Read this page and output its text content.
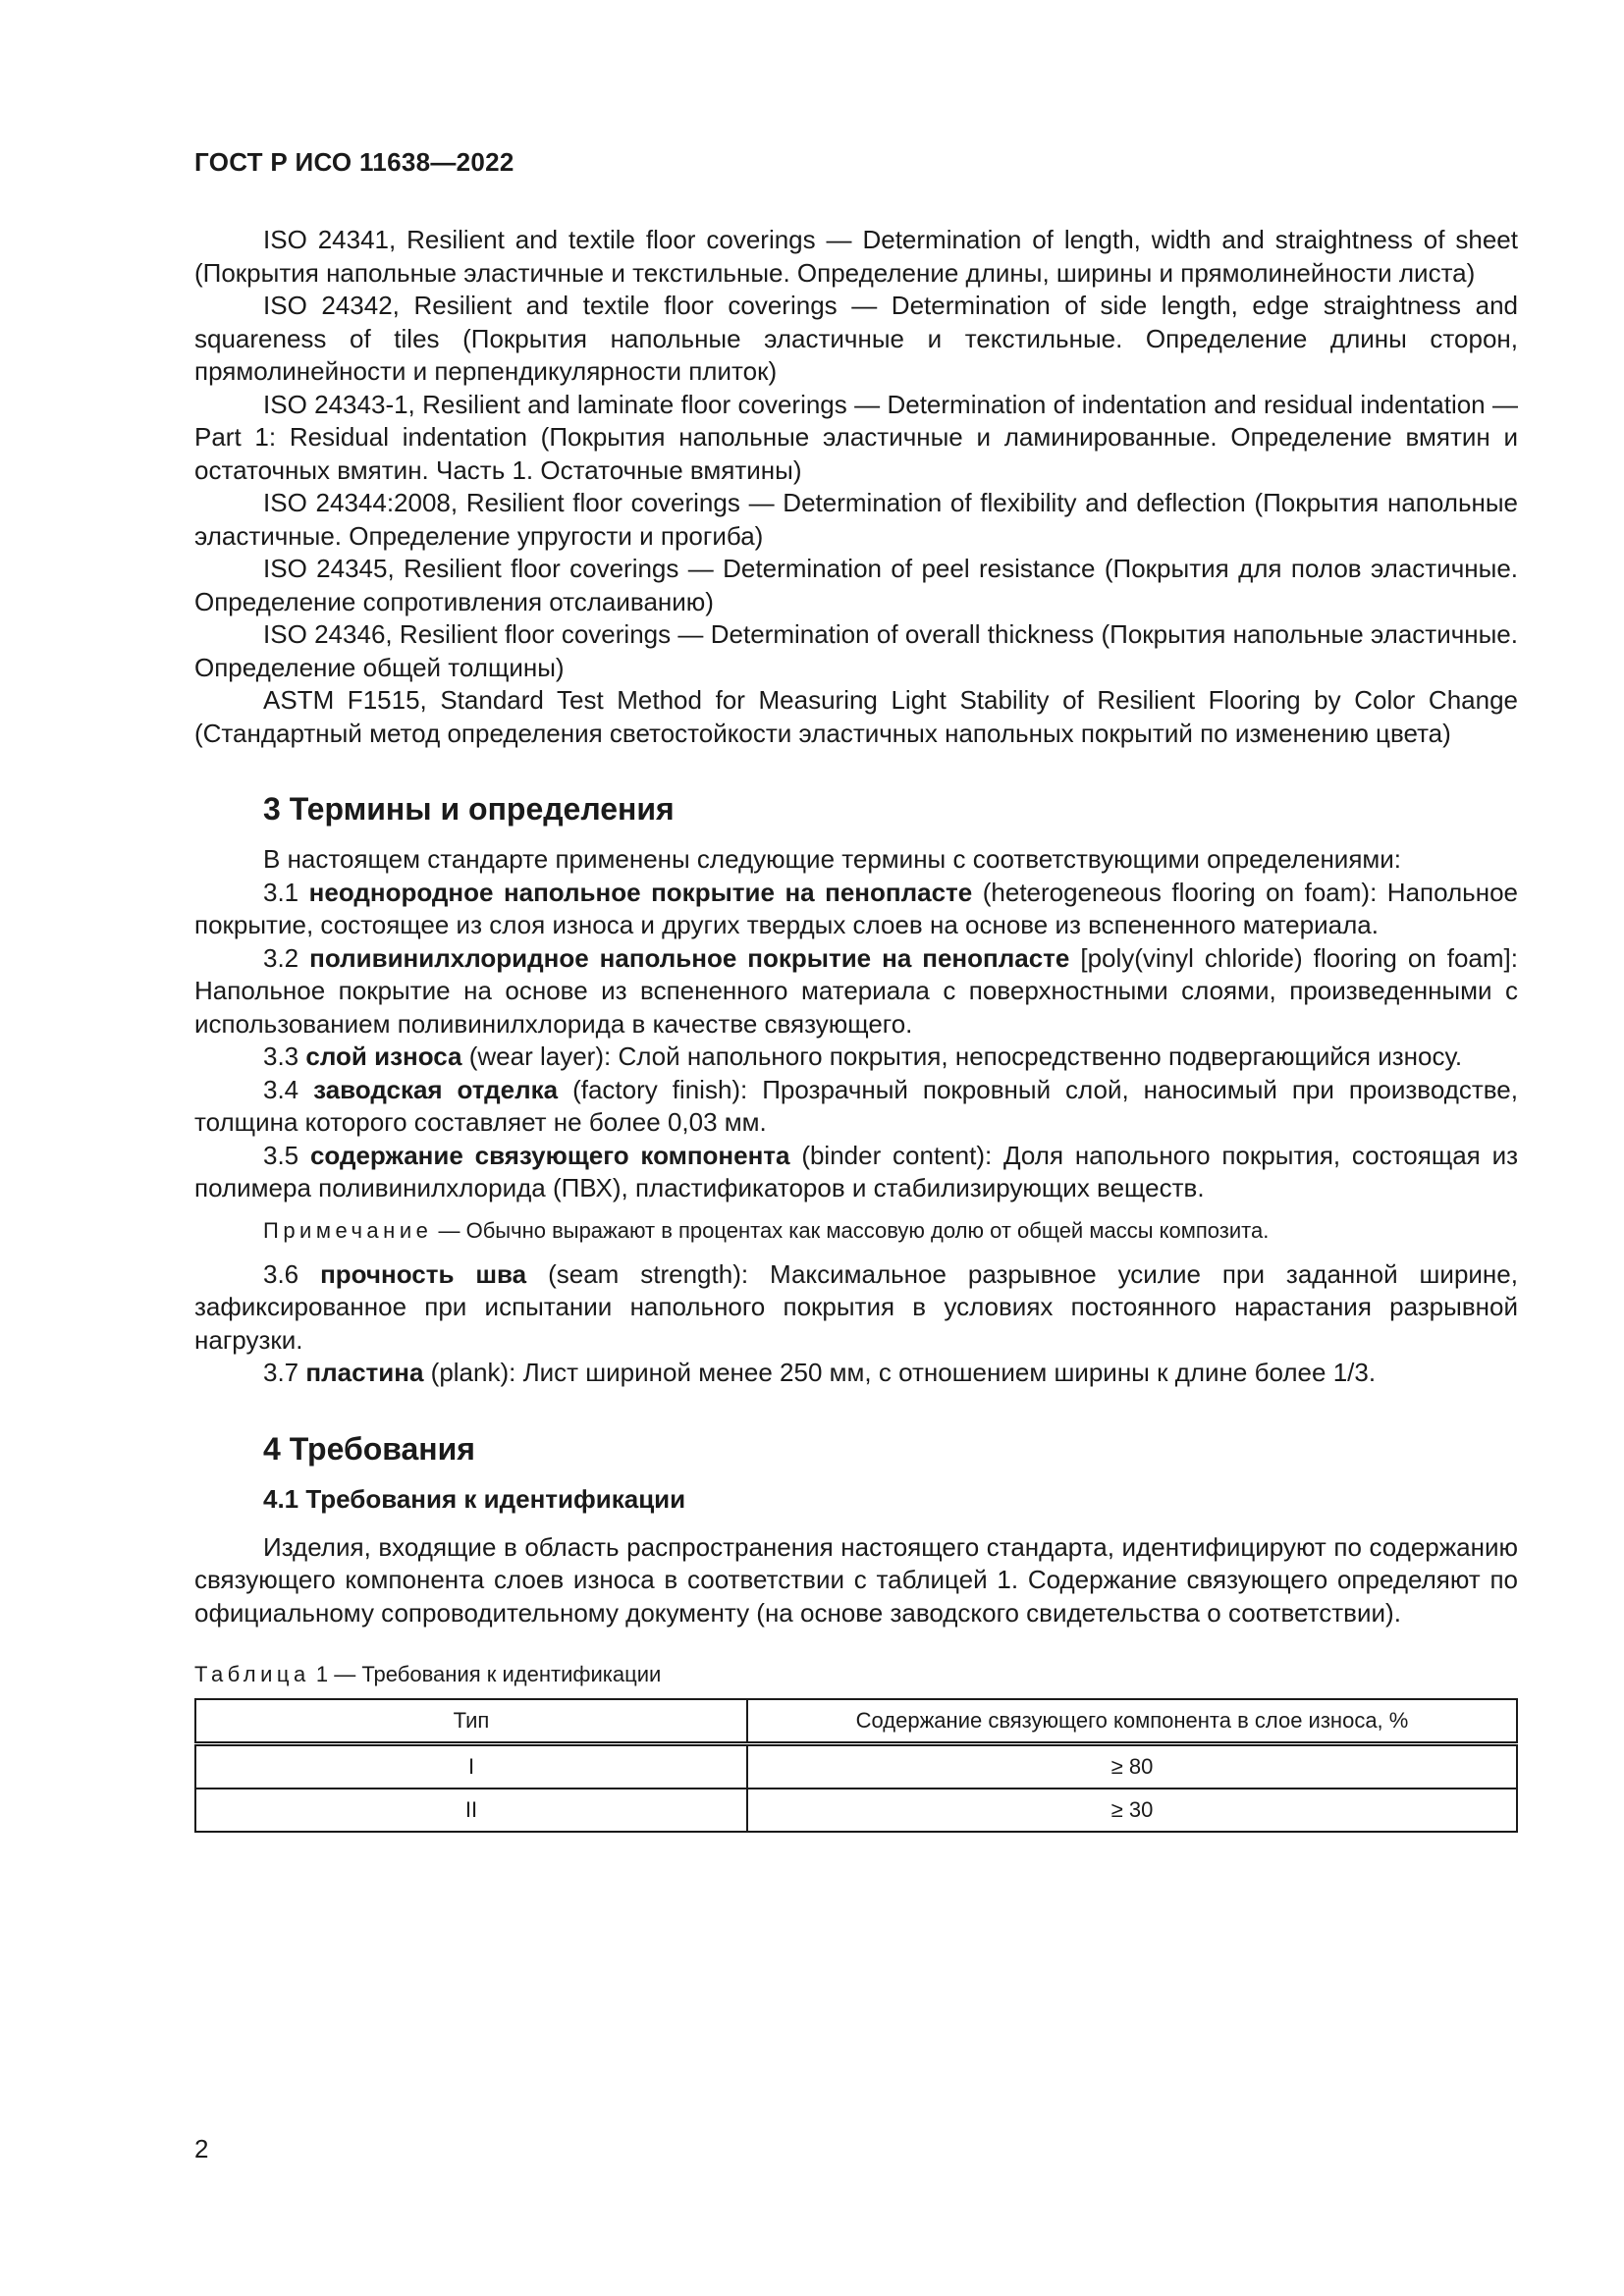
ГОСТ Р ИСО 11638—2022

ISO 24341, Resilient and textile floor coverings — Determination of length, width and straightness of sheet (Покрытия напольные эластичные и текстильные. Определение длины, ширины и прямолинейности листа)

ISO 24342, Resilient and textile floor coverings — Determination of side length, edge straightness and squareness of tiles (Покрытия напольные эластичные и текстильные. Определение длины сторон, прямолинейности и перпендикулярности плиток)

ISO 24343-1, Resilient and laminate floor coverings — Determination of indentation and residual indentation — Part 1: Residual indentation (Покрытия напольные эластичные и ламинированные. Определение вмятин и остаточных вмятин. Часть 1. Остаточные вмятины)

ISO 24344:2008, Resilient floor coverings — Determination of flexibility and deflection (Покрытия напольные эластичные. Определение упругости и прогиба)

ISO 24345, Resilient floor coverings — Determination of peel resistance (Покрытия для полов эластичные. Определение сопротивления отслаиванию)

ISO 24346, Resilient floor coverings — Determination of overall thickness (Покрытия напольные эластичные. Определение общей толщины)

ASTM F1515, Standard Test Method for Measuring Light Stability of Resilient Flooring by Color Change (Стандартный метод определения светостойкости эластичных напольных покрытий по изменению цвета)

3 Термины и определения

В настоящем стандарте применены следующие термины с соответствующими определениями:

3.1 неоднородное напольное покрытие на пенопласте (heterogeneous flooring on foam): Напольное покрытие, состоящее из слоя износа и других твердых слоев на основе из вспененного материала.

3.2 поливинилхлоридное напольное покрытие на пенопласте [poly(vinyl chloride) flooring on foam]: Напольное покрытие на основе из вспененного материала с поверхностными слоями, произведенными с использованием поливинилхлорида в качестве связующего.

3.3 слой износа (wear layer): Слой напольного покрытия, непосредственно подвергающийся износу.

3.4 заводская отделка (factory finish): Прозрачный покровный слой, наносимый при производстве, толщина которого составляет не более 0,03 мм.

3.5 содержание связующего компонента (binder content): Доля напольного покрытия, состоящая из полимера поливинилхлорида (ПВХ), пластификаторов и стабилизирующих веществ.

Примечание — Обычно выражают в процентах как массовую долю от общей массы композита.

3.6 прочность шва (seam strength): Максимальное разрывное усилие при заданной ширине, зафиксированное при испытании напольного покрытия в условиях постоянного нарастания разрывной нагрузки.

3.7 пластина (plank): Лист шириной менее 250 мм, с отношением ширины к длине более 1/3.

4 Требования
4.1 Требования к идентификации

Изделия, входящие в область распространения настоящего стандарта, идентифицируют по содержанию связующего компонента слоев износа в соответствии с таблицей 1. Содержание связующего определяют по официальному сопроводительному документу (на основе заводского свидетельства о соответствии).

Таблица 1 — Требования к идентификации

Тип	Содержание связующего компонента в слое износа, %
I	≥ 80
II	≥ 30
2
